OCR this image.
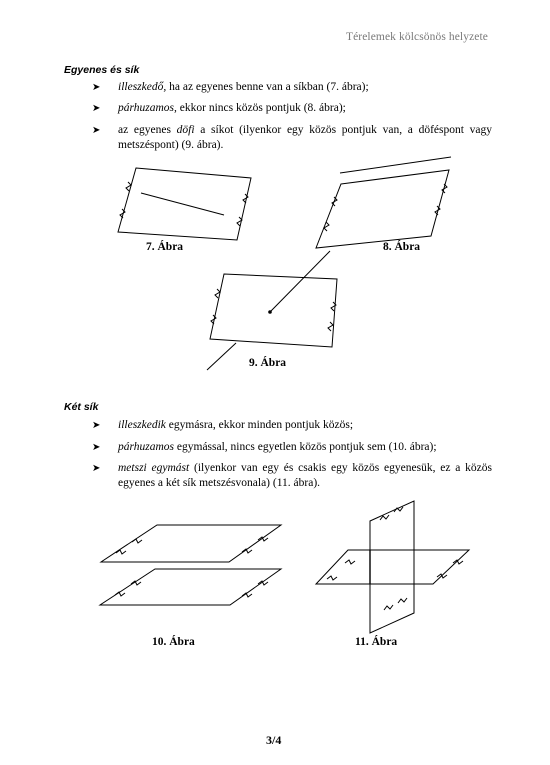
Térelemek kölcsönös helyzete
Egyenes és sík
➤ illeszkedő, ha az egyenes benne van a síkban (7. ábra);
➤ párhuzamos, ekkor nincs közös pontjuk (8. ábra);
➤ az egyenes döfi a síkot (ilyenkor egy közös pontjuk van, a döféspont vagy metszéspont) (9. ábra).
Két sík
➤ illeszkedik egymásra, ekkor minden pontjuk közös;
➤ párhuzamos egymással, nincs egyetlen közös pontjuk sem (10. ábra);
➤ metszi egymást (ilyenkor van egy és csakis egy közös egyenesük, ez a közös egyenes a két sík metszésvonala) (11. ábra).
7. Ábra	8. Ábra
9. Ábra
10. Ábra	11. Ábra
3/4
